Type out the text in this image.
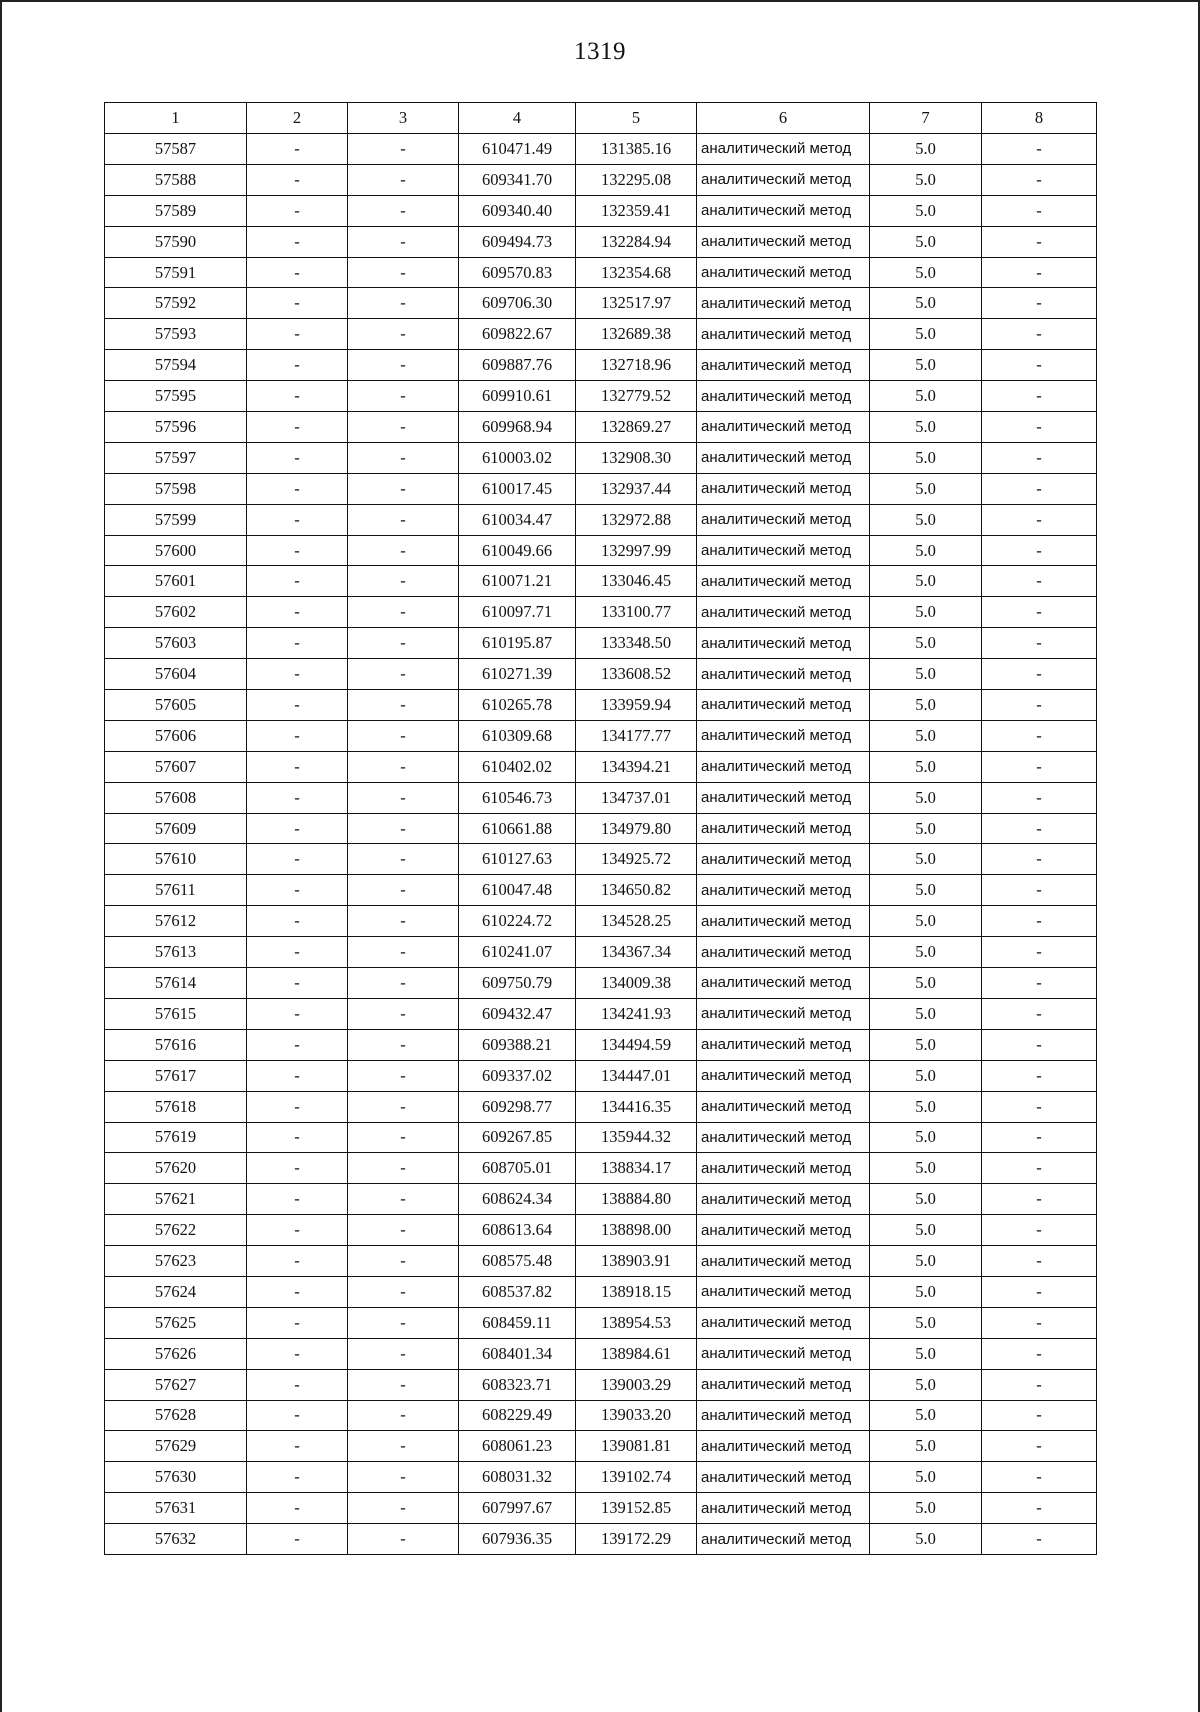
1319
1	2	3	4	5	6	7	8
57587	-	-	610471.49	131385.16	аналитический метод	5.0	-
57588	-	-	609341.70	132295.08	аналитический метод	5.0	-
57589	-	-	609340.40	132359.41	аналитический метод	5.0	-
57590	-	-	609494.73	132284.94	аналитический метод	5.0	-
57591	-	-	609570.83	132354.68	аналитический метод	5.0	-
57592	-	-	609706.30	132517.97	аналитический метод	5.0	-
57593	-	-	609822.67	132689.38	аналитический метод	5.0	-
57594	-	-	609887.76	132718.96	аналитический метод	5.0	-
57595	-	-	609910.61	132779.52	аналитический метод	5.0	-
57596	-	-	609968.94	132869.27	аналитический метод	5.0	-
57597	-	-	610003.02	132908.30	аналитический метод	5.0	-
57598	-	-	610017.45	132937.44	аналитический метод	5.0	-
57599	-	-	610034.47	132972.88	аналитический метод	5.0	-
57600	-	-	610049.66	132997.99	аналитический метод	5.0	-
57601	-	-	610071.21	133046.45	аналитический метод	5.0	-
57602	-	-	610097.71	133100.77	аналитический метод	5.0	-
57603	-	-	610195.87	133348.50	аналитический метод	5.0	-
57604	-	-	610271.39	133608.52	аналитический метод	5.0	-
57605	-	-	610265.78	133959.94	аналитический метод	5.0	-
57606	-	-	610309.68	134177.77	аналитический метод	5.0	-
57607	-	-	610402.02	134394.21	аналитический метод	5.0	-
57608	-	-	610546.73	134737.01	аналитический метод	5.0	-
57609	-	-	610661.88	134979.80	аналитический метод	5.0	-
57610	-	-	610127.63	134925.72	аналитический метод	5.0	-
57611	-	-	610047.48	134650.82	аналитический метод	5.0	-
57612	-	-	610224.72	134528.25	аналитический метод	5.0	-
57613	-	-	610241.07	134367.34	аналитический метод	5.0	-
57614	-	-	609750.79	134009.38	аналитический метод	5.0	-
57615	-	-	609432.47	134241.93	аналитический метод	5.0	-
57616	-	-	609388.21	134494.59	аналитический метод	5.0	-
57617	-	-	609337.02	134447.01	аналитический метод	5.0	-
57618	-	-	609298.77	134416.35	аналитический метод	5.0	-
57619	-	-	609267.85	135944.32	аналитический метод	5.0	-
57620	-	-	608705.01	138834.17	аналитический метод	5.0	-
57621	-	-	608624.34	138884.80	аналитический метод	5.0	-
57622	-	-	608613.64	138898.00	аналитический метод	5.0	-
57623	-	-	608575.48	138903.91	аналитический метод	5.0	-
57624	-	-	608537.82	138918.15	аналитический метод	5.0	-
57625	-	-	608459.11	138954.53	аналитический метод	5.0	-
57626	-	-	608401.34	138984.61	аналитический метод	5.0	-
57627	-	-	608323.71	139003.29	аналитический метод	5.0	-
57628	-	-	608229.49	139033.20	аналитический метод	5.0	-
57629	-	-	608061.23	139081.81	аналитический метод	5.0	-
57630	-	-	608031.32	139102.74	аналитический метод	5.0	-
57631	-	-	607997.67	139152.85	аналитический метод	5.0	-
57632	-	-	607936.35	139172.29	аналитический метод	5.0	-
